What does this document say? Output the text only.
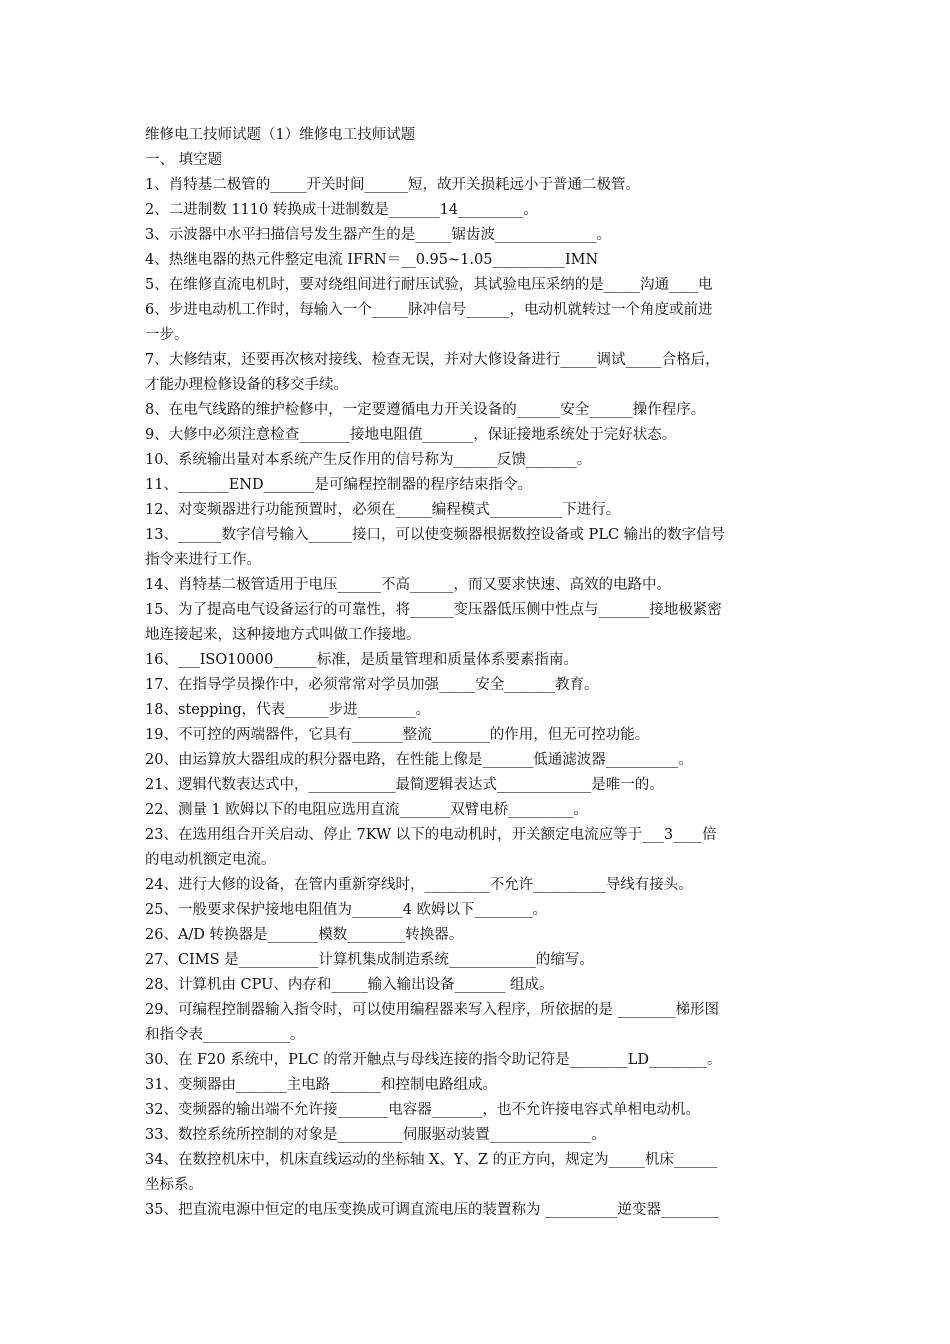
维修电工技师试题（1）维修电工技师试题
一、 填空题
1、肖特基二极管的_____开关时间______短，故开关损耗远小于普通二极管。
2、二进制数 1110 转换成十进制数是_______14_________。
3、示波器中水平扫描信号发生器产生的是_____锯齿波______________。
4、热继电器的热元件整定电流 IFRN＝__0.95~1.05__________IMN
5、在维修直流电机时，要对绕组间进行耐压试验，其试验电压采纳的是_____沟通____电
6、步进电动机工作时，每输入一个_____脉冲信号______，电动机就转过一个角度或前进
一步。
7、大修结束，还要再次核对接线、检查无误，并对大修设备进行_____调试_____合格后，
才能办理检修设备的移交手续。
8、在电气线路的维护检修中，一定要遵循电力开关设备的______安全______操作程序。
9、大修中必须注意检查_______接地电阻值_______，保证接地系统处于完好状态。
10、系统输出量对本系统产生反作用的信号称为______反馈_______。
11、_______END_______是可编程控制器的程序结束指令。
12、对变频器进行功能预置时，必须在_____编程模式__________下进行。
13、______数字信号输入______接口，可以使变频器根据数控设备或 PLC 输出的数字信号
指令来进行工作。
14、肖特基二极管适用于电压______不高______，而又要求快速、高效的电路中。
15、为了提高电气设备运行的可靠性，将______变压器低压侧中性点与_______接地极紧密
地连接起来，这种接地方式叫做工作接地。
16、___ISO10000______标准，是质量管理和质量体系要素指南。
17、在指导学员操作中，必须常常对学员加强_____安全_______教育。
18、stepping，代表______步进________。
19、不可控的两端器件，它具有_______整流________的作用，但无可控功能。
20、由运算放大器组成的积分器电路，在性能上像是_______低通滤波器__________。
21、逻辑代数表达式中，____________最简逻辑表达式_____________是唯一的。
22、测量 1 欧姆以下的电阻应选用直流_______双臂电桥_________。
23、在选用组合开关启动、停止 7KW 以下的电动机时，开关额定电流应等于___3____倍
的电动机额定电流。
24、进行大修的设备，在管内重新穿线时，_________不允许__________导线有接头。
25、一般要求保护接地电阻值为_______4 欧姆以下________。
26、A/D 转换器是_______模数________转换器。
27、CIMS 是___________计算机集成制造系统____________的缩写。
28、计算机由 CPU、内存和_____输入输出设备_______ 组成。
29、可编程控制器输入指令时，可以使用编程器来写入程序，所依据的是 ________梯形图
和指令表____________。
30、在 F20 系统中，PLC 的常开触点与母线连接的指令助记符是________LD________。
31、变频器由_______主电路_______和控制电路组成。
32、变频器的输出端不允许接_______电容器_______，也不允许接电容式单相电动机。
33、数控系统所控制的对象是_________伺服驱动装置______________。
34、在数控机床中，机床直线运动的坐标轴 X、Y、Z 的正方向，规定为_____机床______
坐标系。
35、把直流电源中恒定的电压变换成可调直流电压的装置称为 __________逆变器________
